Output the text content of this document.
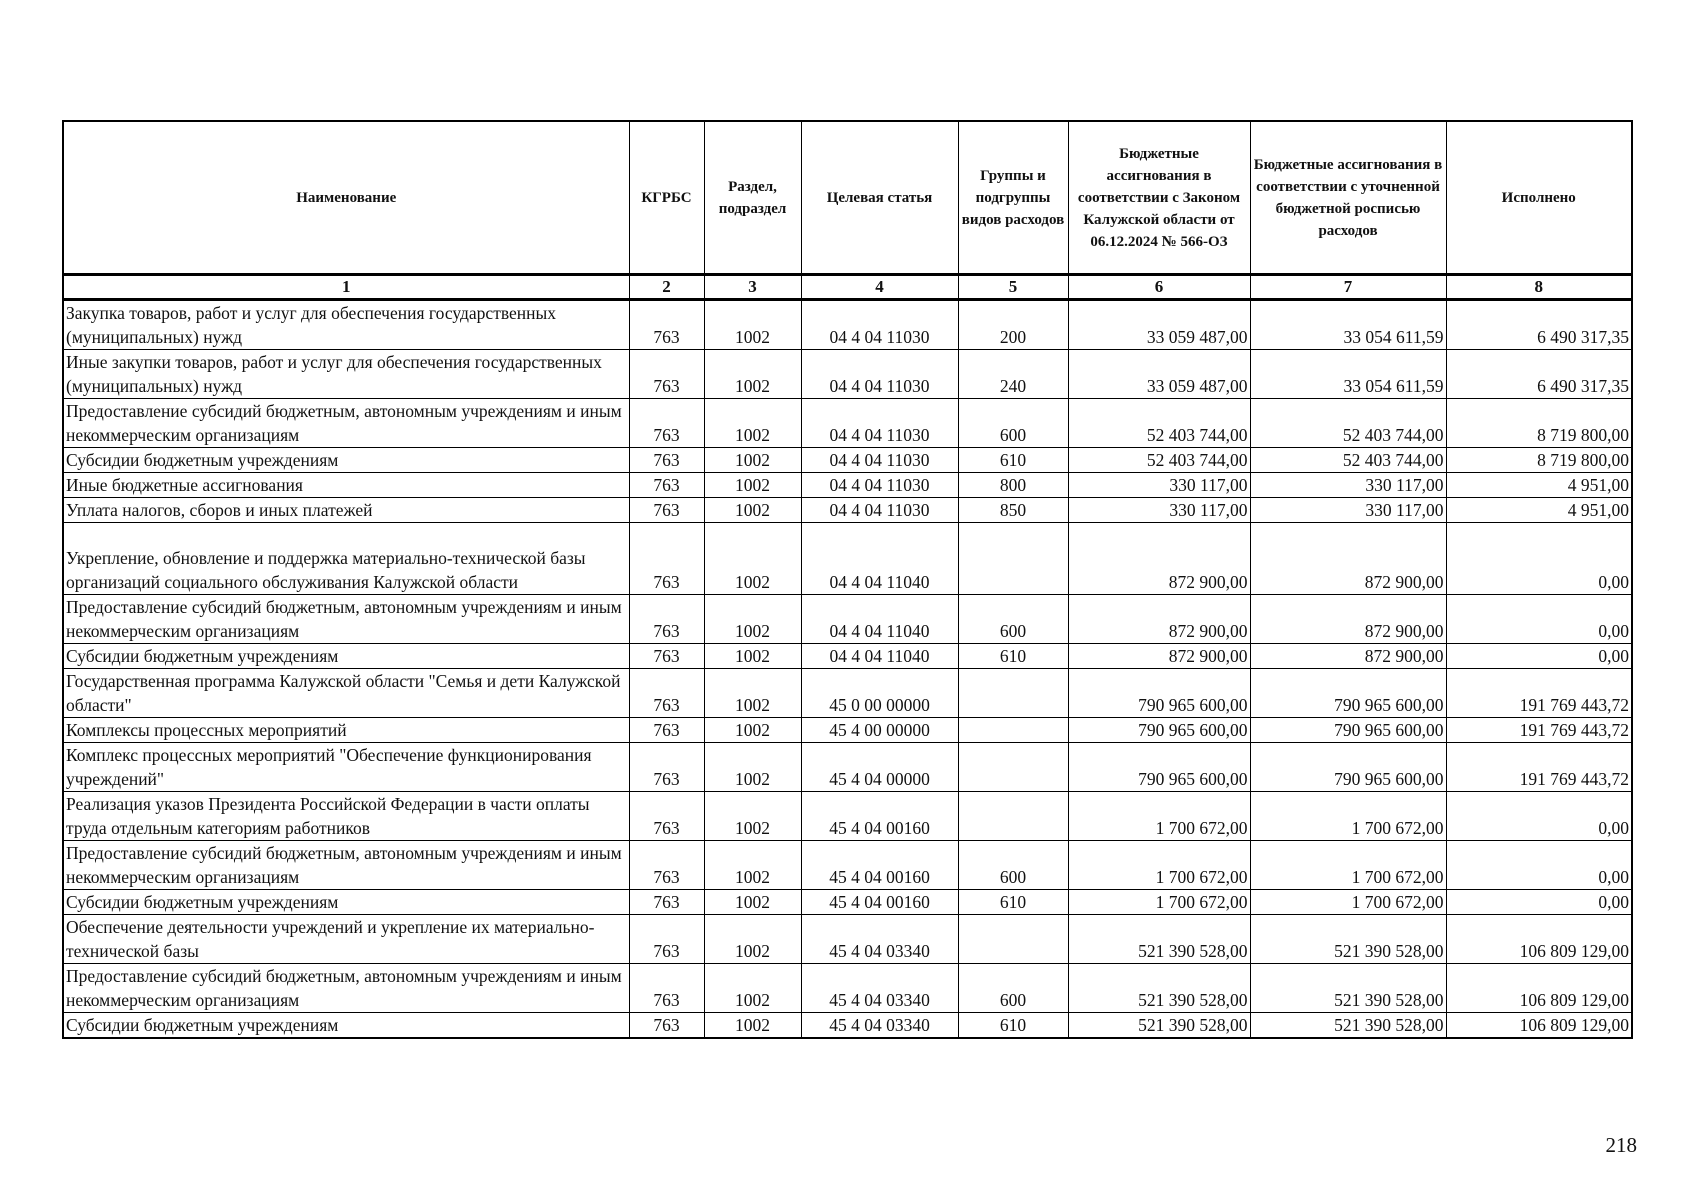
Наименование	КГРБС	Раздел, подраздел	Целевая статья	Группы и подгруппы видов расходов	Бюджетные ассигнования в соответствии с Законом Калужской области от 06.12.2024 № 566-ОЗ	Бюджетные ассигнования в соответствии с уточненной бюджетной росписью расходов	Исполнено
1	2	3	4	5	6	7	8
Закупка товаров, работ и услуг для обеспечения государственных (муниципальных) нужд	763	1002	04 4 04 11030	200	33 059 487,00	33 054 611,59	6 490 317,35
Иные закупки товаров, работ и услуг для обеспечения государственных (муниципальных) нужд	763	1002	04 4 04 11030	240	33 059 487,00	33 054 611,59	6 490 317,35
Предоставление субсидий бюджетным, автономным учреждениям и иным некоммерческим организациям	763	1002	04 4 04 11030	600	52 403 744,00	52 403 744,00	8 719 800,00
Субсидии бюджетным учреждениям	763	1002	04 4 04 11030	610	52 403 744,00	52 403 744,00	8 719 800,00
Иные бюджетные ассигнования	763	1002	04 4 04 11030	800	330 117,00	330 117,00	4 951,00
Уплата налогов, сборов и иных платежей	763	1002	04 4 04 11030	850	330 117,00	330 117,00	4 951,00
Укрепление, обновление и поддержка материально-технической базы организаций социального обслуживания Калужской области	763	1002	04 4 04 11040		872 900,00	872 900,00	0,00
Предоставление субсидий бюджетным, автономным учреждениям и иным некоммерческим организациям	763	1002	04 4 04 11040	600	872 900,00	872 900,00	0,00
Субсидии бюджетным учреждениям	763	1002	04 4 04 11040	610	872 900,00	872 900,00	0,00
Государственная программа Калужской области "Семья и дети Калужской области"	763	1002	45 0 00 00000		790 965 600,00	790 965 600,00	191 769 443,72
Комплексы процессных мероприятий	763	1002	45 4 00 00000		790 965 600,00	790 965 600,00	191 769 443,72
Комплекс процессных мероприятий "Обеспечение функционирования учреждений"	763	1002	45 4 04 00000		790 965 600,00	790 965 600,00	191 769 443,72
Реализация указов Президента Российской Федерации в части оплаты труда отдельным категориям работников	763	1002	45 4 04 00160		1 700 672,00	1 700 672,00	0,00
Предоставление субсидий бюджетным, автономным учреждениям и иным некоммерческим организациям	763	1002	45 4 04 00160	600	1 700 672,00	1 700 672,00	0,00
Субсидии бюджетным учреждениям	763	1002	45 4 04 00160	610	1 700 672,00	1 700 672,00	0,00
Обеспечение деятельности учреждений и укрепление их материально-технической базы	763	1002	45 4 04 03340		521 390 528,00	521 390 528,00	106 809 129,00
Предоставление субсидий бюджетным, автономным учреждениям и иным некоммерческим организациям	763	1002	45 4 04 03340	600	521 390 528,00	521 390 528,00	106 809 129,00
Субсидии бюджетным учреждениям	763	1002	45 4 04 03340	610	521 390 528,00	521 390 528,00	106 809 129,00
218
